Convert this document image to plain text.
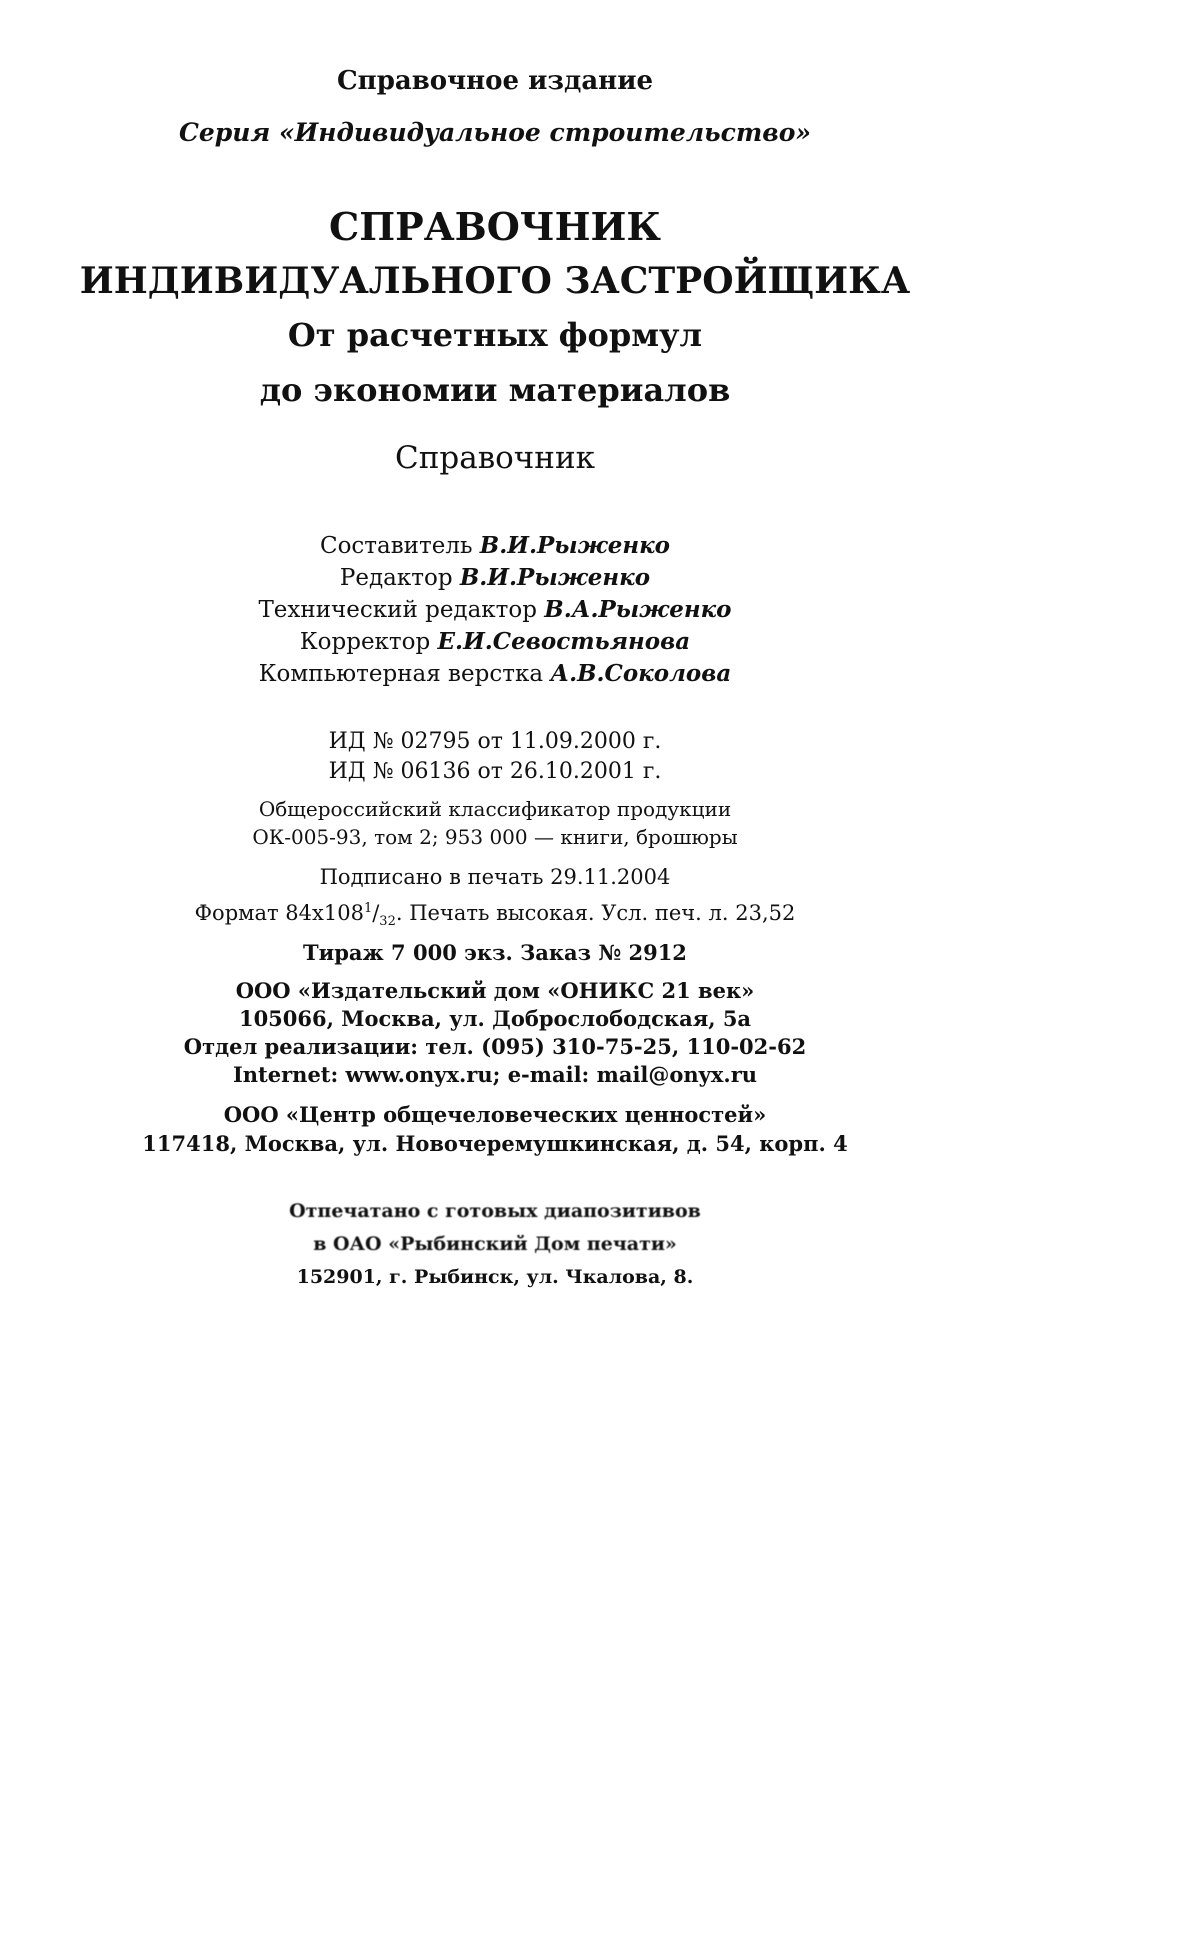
Справочное издание
Серия «Индивидуальное строительство»
СПРАВОЧНИК
ИНДИВИДУАЛЬНОГО ЗАСТРОЙЩИКА
От расчетных формул
до экономии материалов
Справочник
Составитель В.И.Рыженко
Редактор В.И.Рыженко
Технический редактор В.А.Рыженко
Корректор Е.И.Севостьянова
Компьютерная верстка А.В.Соколова
ИД № 02795 от 11.09.2000 г.
ИД № 06136 от 26.10.2001 г.
Общероссийский классификатор продукции
ОК-005-93, том 2; 953 000 — книги, брошюры
Подписано в печать 29.11.2004
Формат $84x108^1/_{32}$. Печать высокая. Усл. печ. л. 23,52
Тираж 7 000 экз. Заказ № 2912
ООО «Издательский дом «ОНИКС 21 век»
105066, Москва, ул. Доброслободская, 5а
Отдел реализации: тел. (095) 310-75-25, 110-02-62
Internet: www.onyx.ru; e-mail: mail@onyx.ru
ООО «Центр общечеловеческих ценностей»
117418, Москва, ул. Новочеремушкинская, д. 54, корп. 4
Отпечатано с готовых диапозитивов
в ОАО «Рыбинский Дом печати»
152901, г. Рыбинск, ул. Чкалова, 8.
